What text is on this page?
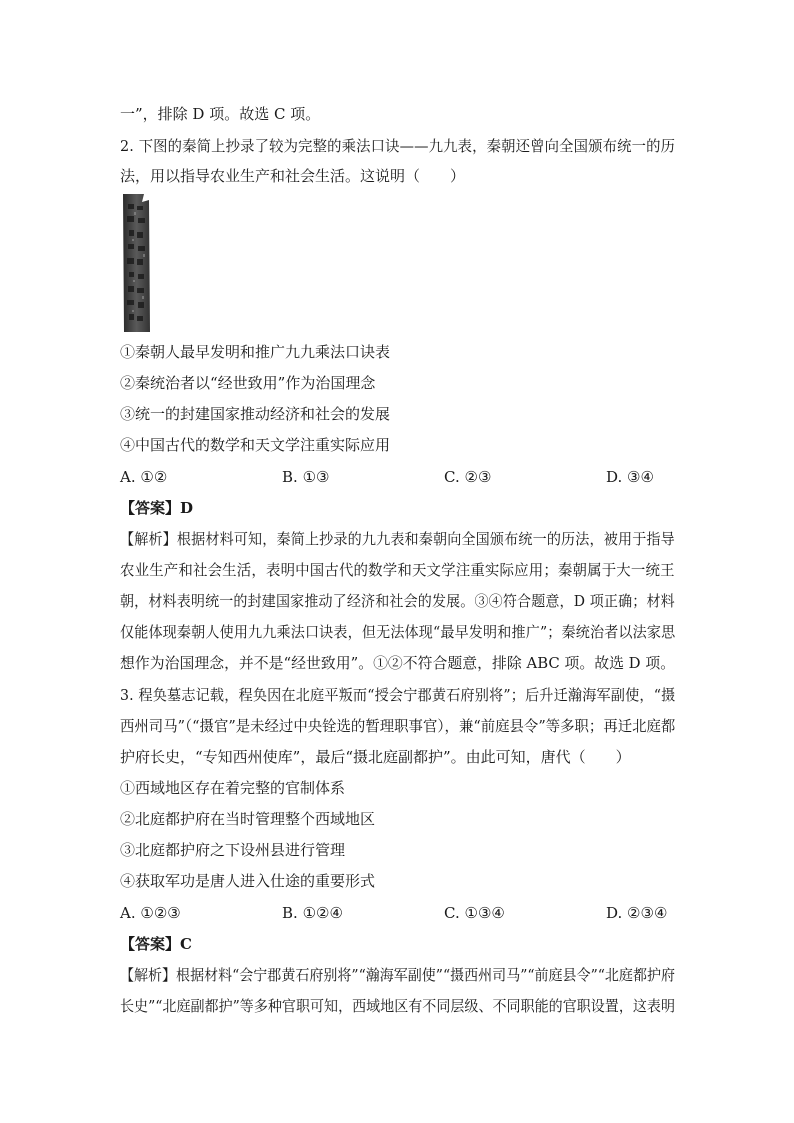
一”，排除 D 项。故选 C 项。
2. 下图的秦简上抄录了较为完整的乘法口诀——九九表，秦朝还曾向全国颁布统一的历
法，用以指导农业生产和社会生活。这说明（　　）
①秦朝人最早发明和推广九九乘法口诀表
②秦统治者以“经世致用”作为治国理念
③统一的封建国家推动经济和社会的发展
④中国古代的数学和天文学注重实际应用
A. ①②	B. ①③	C. ②③	D. ③④
【答案】D
【解析】根据材料可知，秦简上抄录的九九表和秦朝向全国颁布统一的历法，被用于指导
农业生产和社会生活，表明中国古代的数学和天文学注重实际应用；秦朝属于大一统王
朝，材料表明统一的封建国家推动了经济和社会的发展。③④符合题意，D 项正确；材料
仅能体现秦朝人使用九九乘法口诀表，但无法体现“最早发明和推广”；秦统治者以法家思
想作为治国理念，并不是“经世致用”。①②不符合题意，排除 ABC 项。故选 D 项。
3. 程奂墓志记载，程奂因在北庭平叛而“授会宁郡黄石府别将”；后升迁瀚海军副使，“摄
西州司马”（“摄官”是未经过中央铨选的暂理职事官），兼“前庭县令”等多职；再迁北庭都
护府长史，“专知西州使库”，最后“摄北庭副都护”。由此可知，唐代（　　）
①西域地区存在着完整的官制体系
②北庭都护府在当时管理整个西域地区
③北庭都护府之下设州县进行管理
④获取军功是唐人进入仕途的重要形式
A. ①②③	B. ①②④	C. ①③④	D. ②③④
【答案】C
【解析】根据材料“会宁郡黄石府别将”“瀚海军副使”“摄西州司马”“前庭县令”“北庭都护府
长史”“北庭副都护”等多种官职可知，西域地区有不同层级、不同职能的官职设置，这表明
